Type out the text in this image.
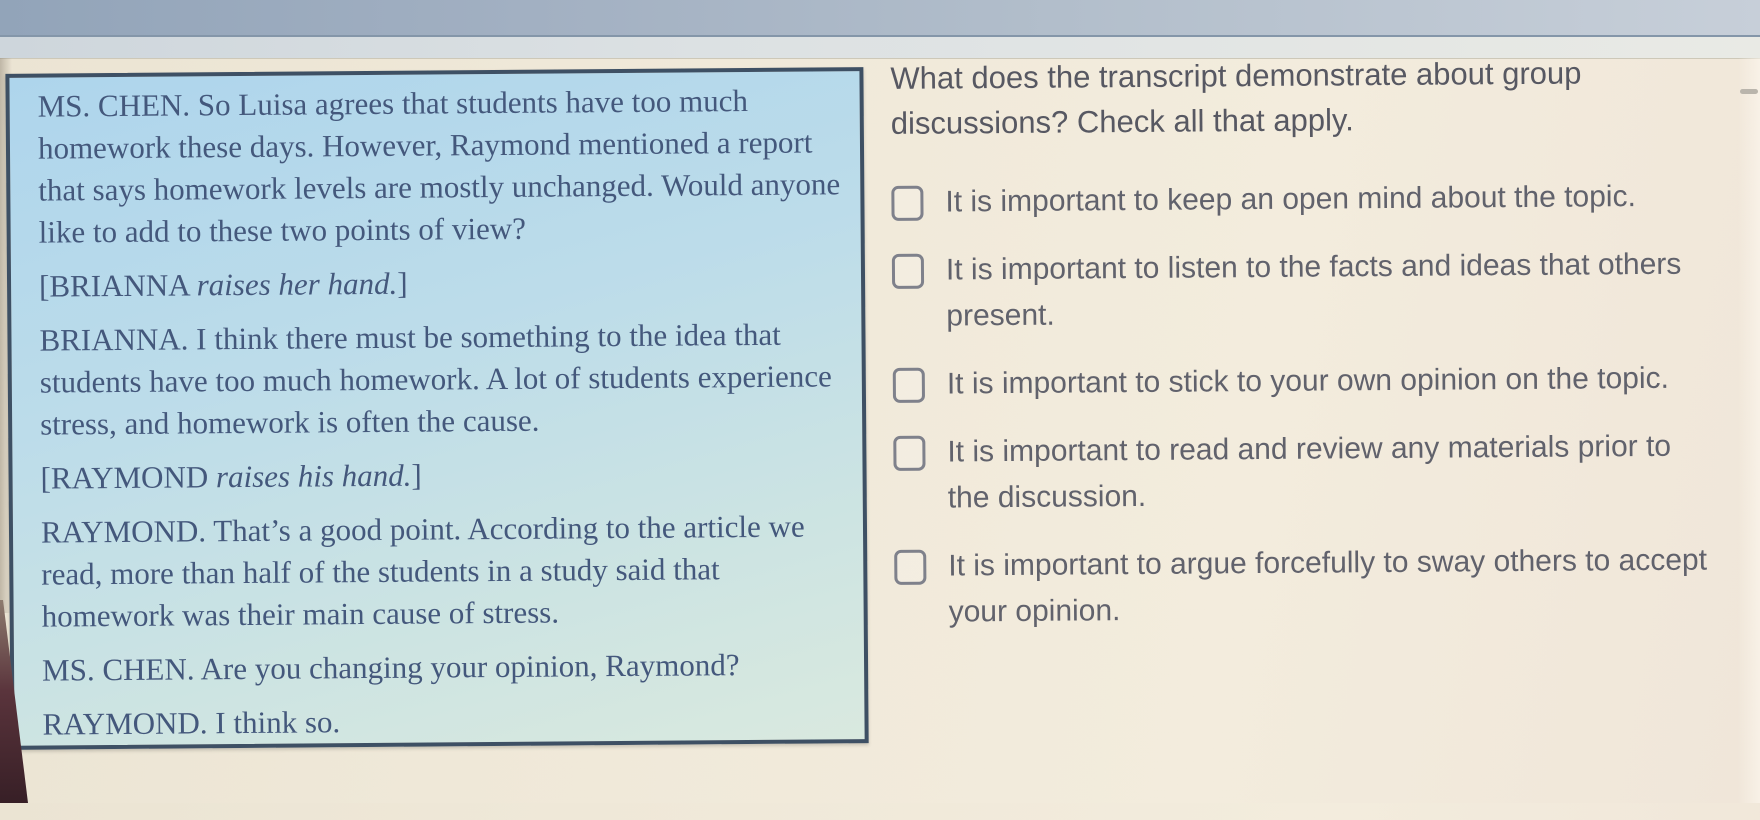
MS. CHEN. So Luisa agrees that students have too much homework these days. However, Raymond mentioned a report that says homework levels are mostly unchanged. Would anyone like to add to these two points of view?

[BRIANNA raises her hand.]

BRIANNA. I think there must be something to the idea that students have too much homework. A lot of students experience stress, and homework is often the cause.

[RAYMOND raises his hand.]

RAYMOND. That’s a good point. According to the article we read, more than half of the students in a study said that homework was their main cause of stress.

MS. CHEN. Are you changing your opinion, Raymond?

RAYMOND. I think so.

What does the transcript demonstrate about group discussions? Check all that apply.
It is important to keep an open mind about the topic.
It is important to listen to the facts and ideas that others present.
It is important to stick to your own opinion on the topic.
It is important to read and review any materials prior to the discussion.
It is important to argue forcefully to sway others to accept your opinion.
